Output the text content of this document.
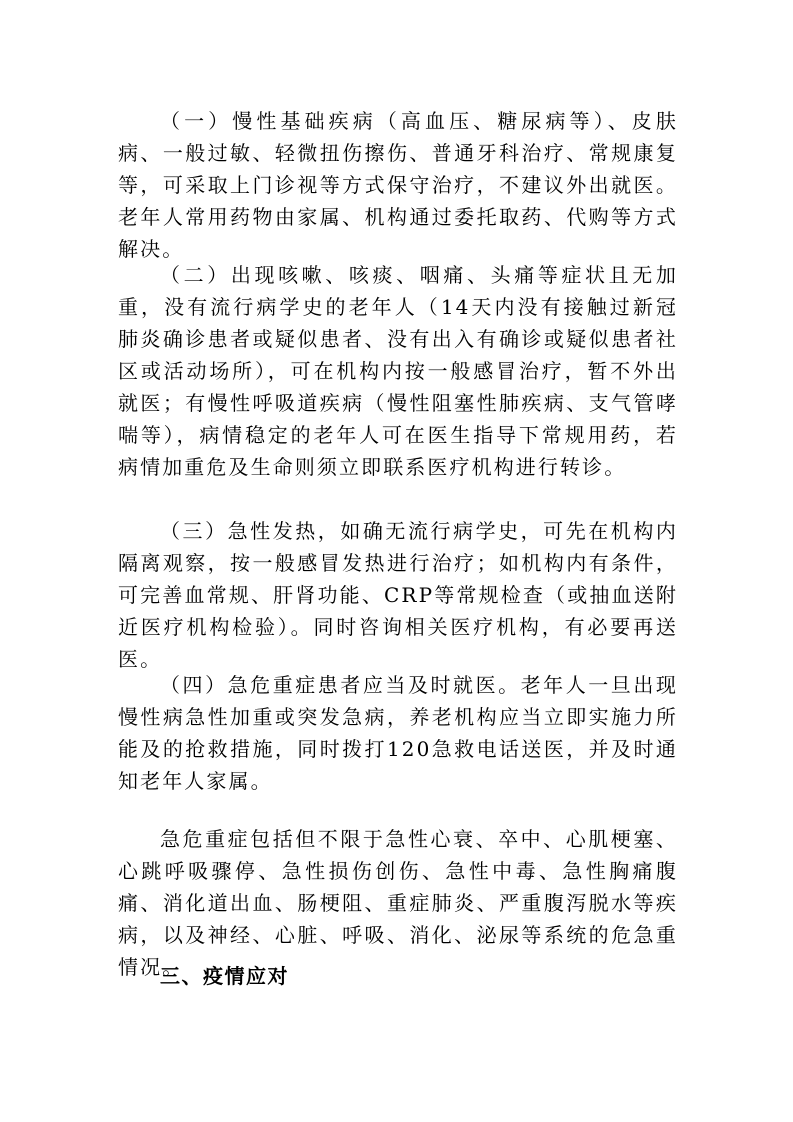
（一）慢性基础疾病（高血压、糖尿病等）、皮肤病、一般过敏、轻微扭伤擦伤、普通牙科治疗、常规康复等，可采取上门诊视等方式保守治疗，不建议外出就医。老年人常用药物由家属、机构通过委托取药、代购等方式解决。

（二）出现咳嗽、咳痰、咽痛、头痛等症状且无加重，没有流行病学史的老年人（14天内没有接触过新冠肺炎确诊患者或疑似患者、没有出入有确诊或疑似患者社区或活动场所），可在机构内按一般感冒治疗，暂不外出就医；有慢性呼吸道疾病（慢性阻塞性肺疾病、支气管哮喘等），病情稳定的老年人可在医生指导下常规用药，若病情加重危及生命则须立即联系医疗机构进行转诊。

（三）急性发热，如确无流行病学史，可先在机构内隔离观察，按一般感冒发热进行治疗；如机构内有条件，可完善血常规、肝肾功能、CRP等常规检查（或抽血送附近医疗机构检验）。同时咨询相关医疗机构，有必要再送医。

（四）急危重症患者应当及时就医。老年人一旦出现慢性病急性加重或突发急病，养老机构应当立即实施力所能及的抢救措施，同时拨打120急救电话送医，并及时通知老年人家属。

急危重症包括但不限于急性心衰、卒中、心肌梗塞、心跳呼吸骤停、急性损伤创伤、急性中毒、急性胸痛腹痛、消化道出血、肠梗阻、重症肺炎、严重腹泻脱水等疾病，以及神经、心脏、呼吸、消化、泌尿等系统的危急重情况。

三、疫情应对
